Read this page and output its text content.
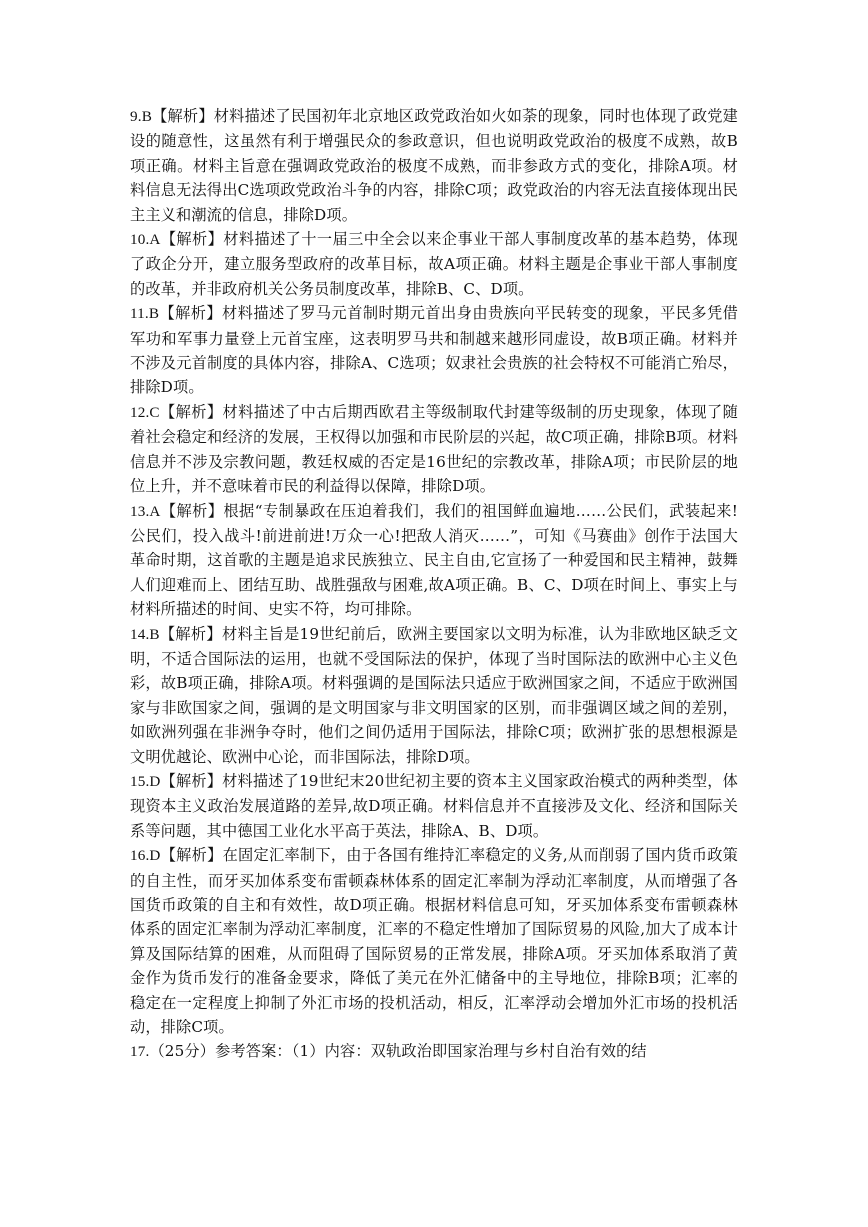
9.B【解析】材料描述了民国初年北京地区政党政治如火如荼的现象，同时也体现了政党建设的随意性，这虽然有利于增强民众的参政意识，但也说明政党政治的极度不成熟，故B项正确。材料主旨意在强调政党政治的极度不成熟，而非参政方式的变化，排除A项。材料信息无法得出C选项政党政治斗争的内容，排除C项；政党政治的内容无法直接体现出民主主义和潮流的信息，排除D项。

10.A【解析】材料描述了十一届三中全会以来企事业干部人事制度改革的基本趋势，体现了政企分开，建立服务型政府的改革目标，故A项正确。材料主题是企事业干部人事制度的改革，并非政府机关公务员制度改革，排除B、C、D项。

11.B【解析】材料描述了罗马元首制时期元首出身由贵族向平民转变的现象，平民多凭借军功和军事力量登上元首宝座，这表明罗马共和制越来越形同虚设，故B项正确。材料并不涉及元首制度的具体内容，排除A、C选项；奴隶社会贵族的社会特权不可能消亡殆尽，排除D项。

12.C【解析】材料描述了中古后期西欧君主等级制取代封建等级制的历史现象，体现了随着社会稳定和经济的发展，王权得以加强和市民阶层的兴起，故C项正确，排除B项。材料信息并不涉及宗教问题，教廷权威的否定是16世纪的宗教改革，排除A项；市民阶层的地位上升，并不意味着市民的利益得以保障，排除D项。

13.A【解析】根据“专制暴政在压迫着我们，我们的祖国鲜血遍地……公民们，武装起来!公民们，投入战斗!前进前进!万众一心!把敌人消灭……”，可知《马赛曲》创作于法国大革命时期，这首歌的主题是追求民族独立、民主自由,它宣扬了一种爱国和民主精神，鼓舞人们迎难而上、团结互助、战胜强敌与困难,故A项正确。B、C、D项在时间上、事实上与材料所描述的时间、史实不符，均可排除。

14.B【解析】材料主旨是19世纪前后，欧洲主要国家以文明为标准，认为非欧地区缺乏文明，不适合国际法的运用，也就不受国际法的保护，体现了当时国际法的欧洲中心主义色彩，故B项正确，排除A项。材料强调的是国际法只适应于欧洲国家之间，不适应于欧洲国家与非欧国家之间，强调的是文明国家与非文明国家的区别，而非强调区域之间的差别，如欧洲列强在非洲争夺时，他们之间仍适用于国际法，排除C项；欧洲扩张的思想根源是文明优越论、欧洲中心论，而非国际法，排除D项。

15.D【解析】材料描述了19世纪末20世纪初主要的资本主义国家政治模式的两种类型，体现资本主义政治发展道路的差异,故D项正确。材料信息并不直接涉及文化、经济和国际关系等问题，其中德国工业化水平高于英法，排除A、B、D项。

16.D【解析】在固定汇率制下，由于各国有维持汇率稳定的义务,从而削弱了国内货币政策的自主性，而牙买加体系变布雷顿森林体系的固定汇率制为浮动汇率制度，从而增强了各国货币政策的自主和有效性，故D项正确。根据材料信息可知，牙买加体系变布雷顿森林体系的固定汇率制为浮动汇率制度，汇率的不稳定性增加了国际贸易的风险,加大了成本计算及国际结算的困难，从而阻碍了国际贸易的正常发展，排除A项。牙买加体系取消了黄金作为货币发行的准备金要求，降低了美元在外汇储备中的主导地位，排除B项；汇率的稳定在一定程度上抑制了外汇市场的投机活动，相反，汇率浮动会增加外汇市场的投机活动，排除C项。

17.（25分）参考答案：（1）内容：双轨政治即国家治理与乡村自治有效的结
